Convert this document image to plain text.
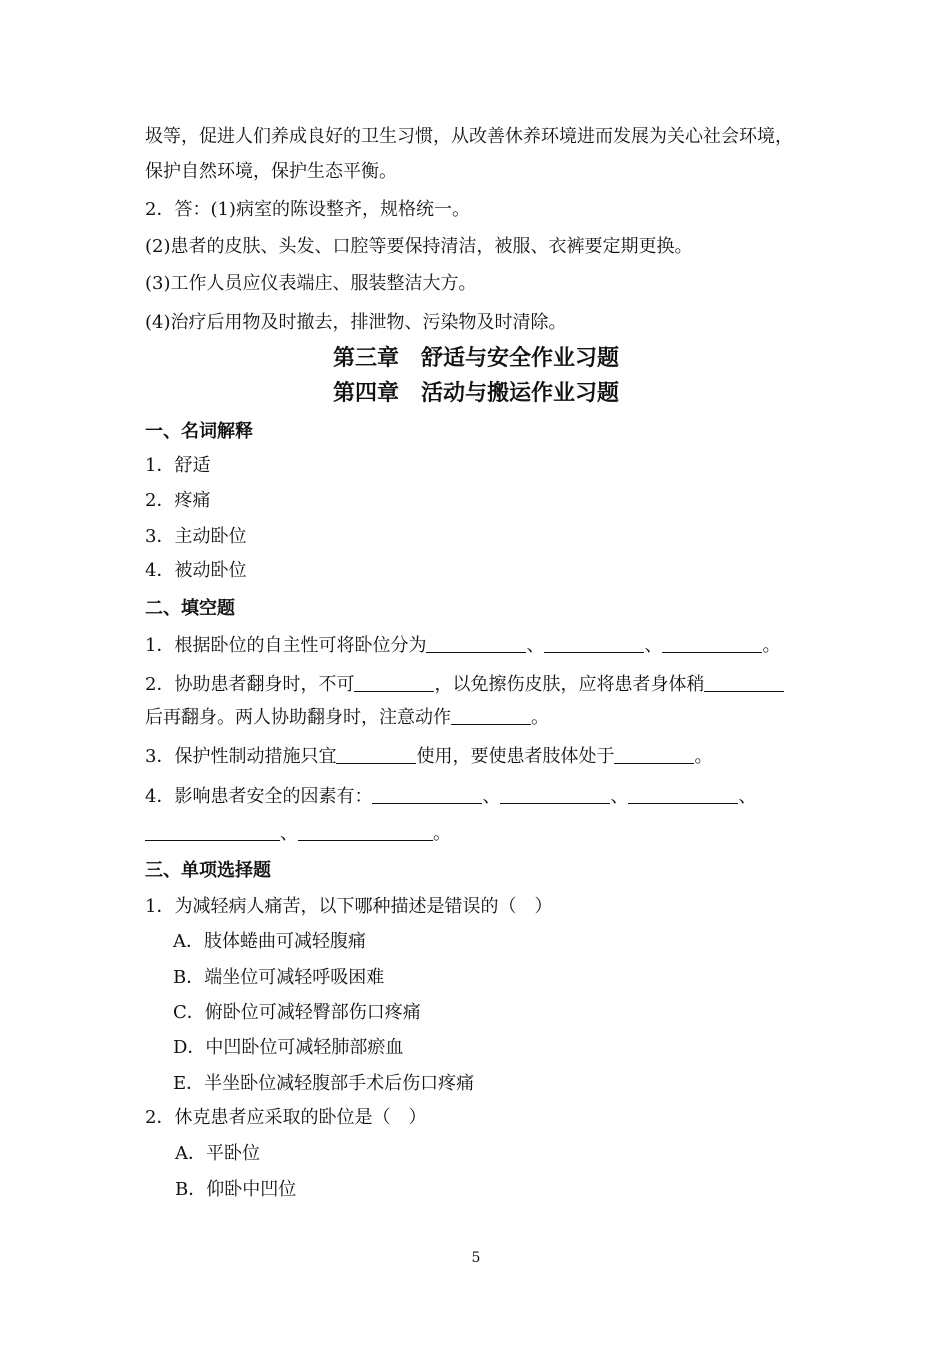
圾等，促进人们养成良好的卫生习惯，从改善休养环境进而发展为关心社会环境，
保护自然环境，保护生态平衡。
2．答：(1)病室的陈设整齐，规格统一。
(2)患者的皮肤、头发、口腔等要保持清洁，被服、衣裤要定期更换。
(3)工作人员应仪表端庄、服装整洁大方。
(4)治疗后用物及时撤去，排泄物、污染物及时清除。
第三章　舒适与安全作业习题
第四章　活动与搬运作业习题
一、名词解释
1．舒适
2．疼痛
3．主动卧位
4．被动卧位
二、填空题
1．根据卧位的自主性可将卧位分为	、	、	。
2．协助患者翻身时，不可	，以免擦伤皮肤，应将患者身体稍
后再翻身。两人协助翻身时，注意动作	。
3．保护性制动措施只宜	使用，要使患者肢体处于	。
4．影响患者安全的因素有：	、	、	、
、	。
三、单项选择题
1．为减轻病人痛苦，以下哪种描述是错误的（　）
A．肢体蜷曲可减轻腹痛
B．端坐位可减轻呼吸困难
C．俯卧位可减轻臀部伤口疼痛
D．中凹卧位可减轻肺部瘀血
E．半坐卧位减轻腹部手术后伤口疼痛
2．休克患者应采取的卧位是（　）
A．平卧位
B．仰卧中凹位
5
